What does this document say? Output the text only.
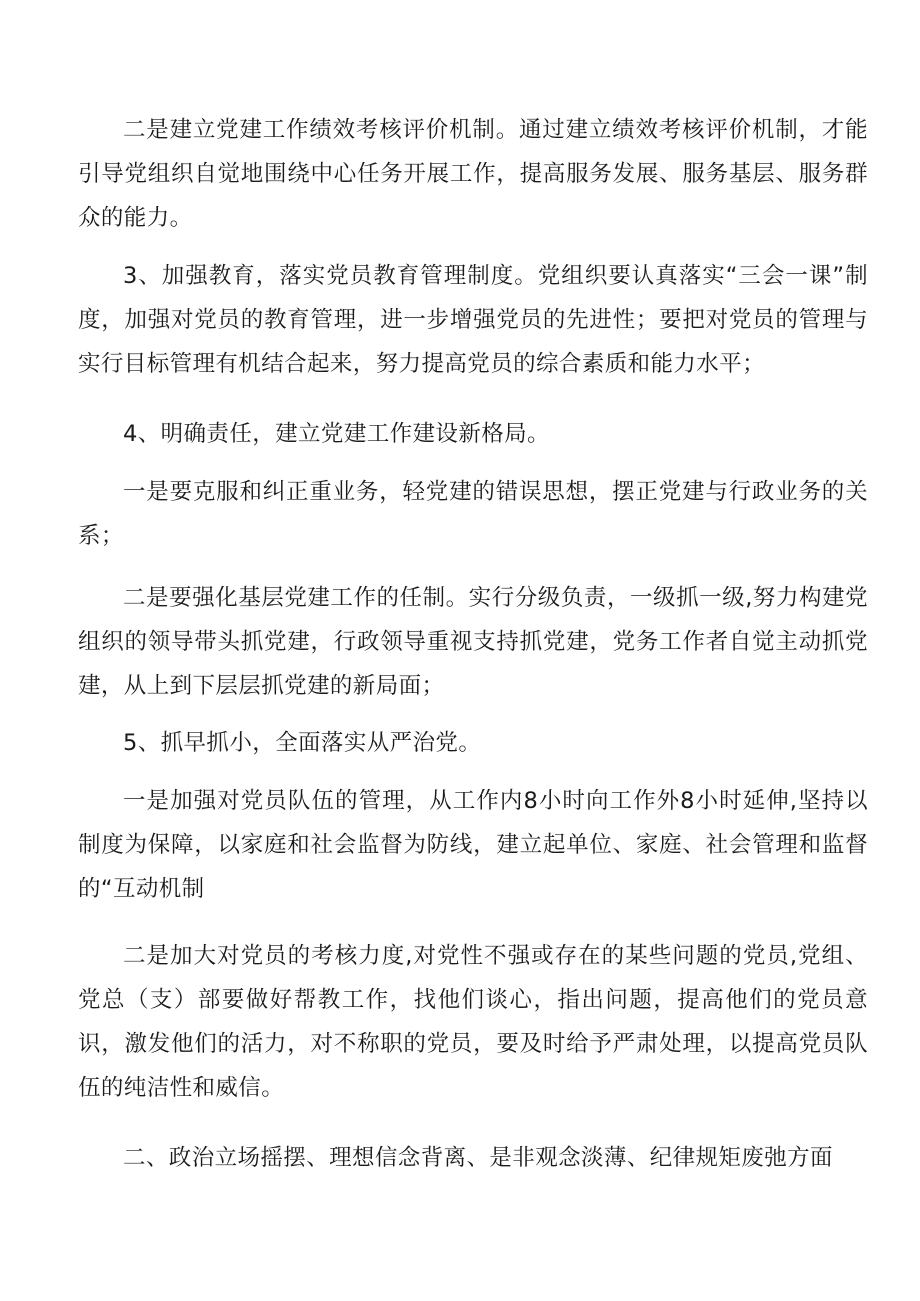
二是建立党建工作绩效考核评价机制。通过建立绩效考核评价机制，才能引导党组织自觉地围绕中心任务开展工作，提高服务发展、服务基层、服务群众的能力。

3、加强教育，落实党员教育管理制度。党组织要认真落实“三会一课”制度，加强对党员的教育管理，进一步增强党员的先进性；要把对党员的管理与实行目标管理有机结合起来，努力提高党员的综合素质和能力水平；

4、明确责任，建立党建工作建设新格局。

一是要克服和纠正重业务，轻党建的错误思想，摆正党建与行政业务的关系；

二是要强化基层党建工作的任制。实行分级负责，一级抓一级,努力构建党组织的领导带头抓党建，行政领导重视支持抓党建，党务工作者自觉主动抓党建，从上到下层层抓党建的新局面；

5、抓早抓小，全面落实从严治党。

一是加强对党员队伍的管理，从工作内8小时向工作外8小时延伸,坚持以制度为保障，以家庭和社会监督为防线，建立起单位、家庭、社会管理和监督的“互动机制

二是加大对党员的考核力度,对党性不强或存在的某些问题的党员,党组、党总（支）部要做好帮教工作，找他们谈心，指出问题，提高他们的党员意识，激发他们的活力，对不称职的党员，要及时给予严肃处理，以提高党员队伍的纯洁性和威信。

二、政治立场摇摆、理想信念背离、是非观念淡薄、纪律规矩废弛方面
